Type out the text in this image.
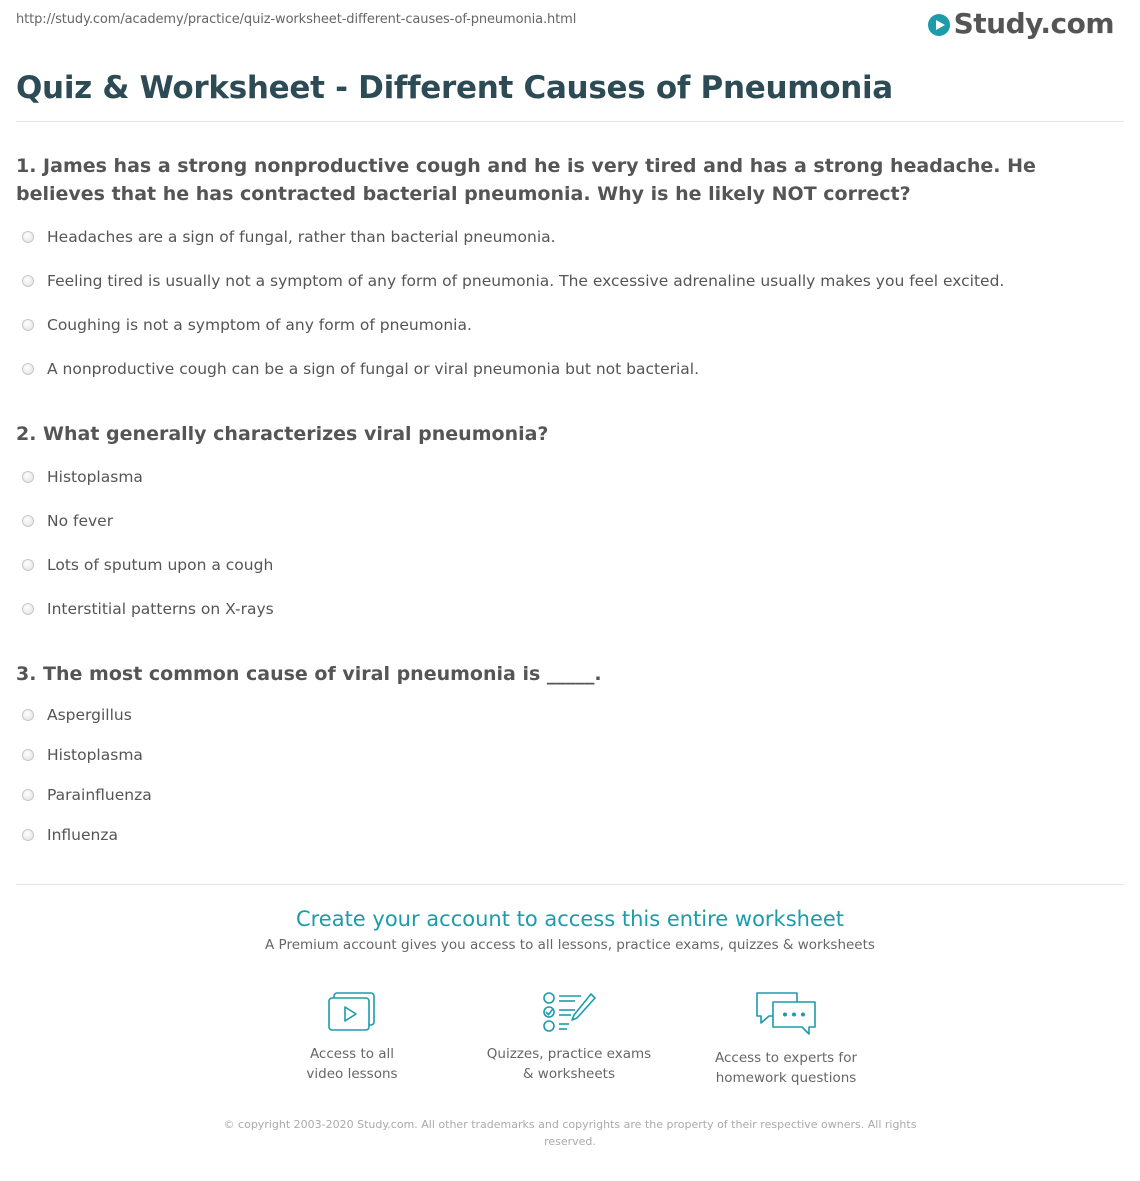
http://study.com/academy/practice/quiz-worksheet-different-causes-of-pneumonia.html	Study.com
Quiz & Worksheet - Different Causes of Pneumonia

1. James has a strong nonproductive cough and he is very tired and has a strong headache. He believes that he has contracted bacterial pneumonia. Why is he likely NOT correct?

Headaches are a sign of fungal, rather than bacterial pneumonia.
Feeling tired is usually not a symptom of any form of pneumonia. The excessive adrenaline usually makes you feel excited.
Coughing is not a symptom of any form of pneumonia.
A nonproductive cough can be a sign of fungal or viral pneumonia but not bacterial.

2. What generally characterizes viral pneumonia?

Histoplasma
No fever
Lots of sputum upon a cough
Interstitial patterns on X-rays

3. The most common cause of viral pneumonia is _____.

Aspergillus
Histoplasma
Parainfluenza
Influenza
Create your account to access this entire worksheet
A Premium account gives you access to all lessons, practice exams, quizzes & worksheets
Access to all
video lessons
Quizzes, practice exams
& worksheets
Access to experts for
homework questions
© copyright 2003-2020 Study.com. All other trademarks and copyrights are the property of their respective owners. All rights
reserved.
